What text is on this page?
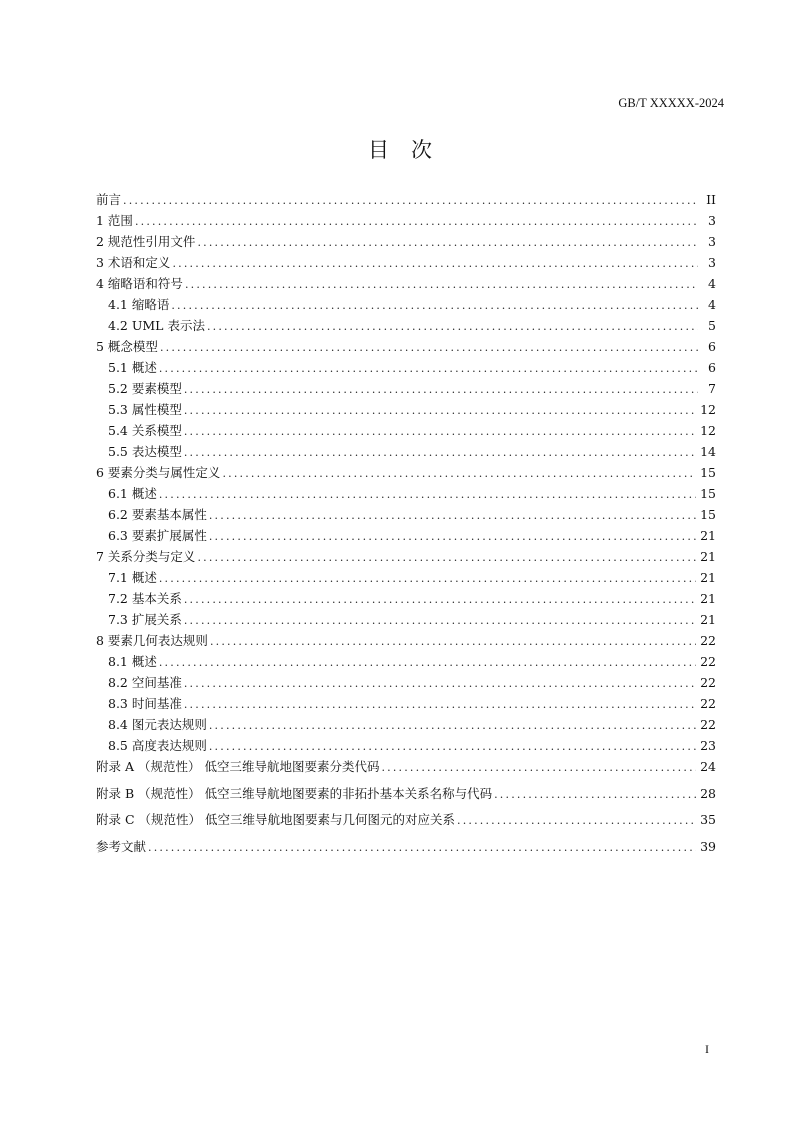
GB/T XXXXX-2024
目 次
前言 .....	II
1 范围 .....	3
2 规范性引用文件 .....	3
3 术语和定义 .....	3
4 缩略语和符号 .....	4
4.1 缩略语 .....	4
4.2 UML 表示法 .....	5
5 概念模型 .....	6
5.1 概述 .....	6
5.2 要素模型 .....	7
5.3 属性模型 .....	12
5.4 关系模型 .....	12
5.5 表达模型 .....	14
6 要素分类与属性定义 .....	15
6.1 概述 .....	15
6.2 要素基本属性 .....	15
6.3 要素扩展属性 .....	21
7 关系分类与定义 .....	21
7.1 概述 .....	21
7.2 基本关系 .....	21
7.3 扩展关系 .....	21
8 要素几何表达规则 .....	22
8.1 概述 .....	22
8.2 空间基准 .....	22
8.3 时间基准 .....	22
8.4 图元表达规则 .....	22
8.5 高度表达规则 .....	23
附录 A （规范性） 低空三维导航地图要素分类代码 .....	24
附录 B （规范性） 低空三维导航地图要素的非拓扑基本关系名称与代码 .....	28
附录 C （规范性） 低空三维导航地图要素与几何图元的对应关系 .....	35
参考文献 .....	39
I
